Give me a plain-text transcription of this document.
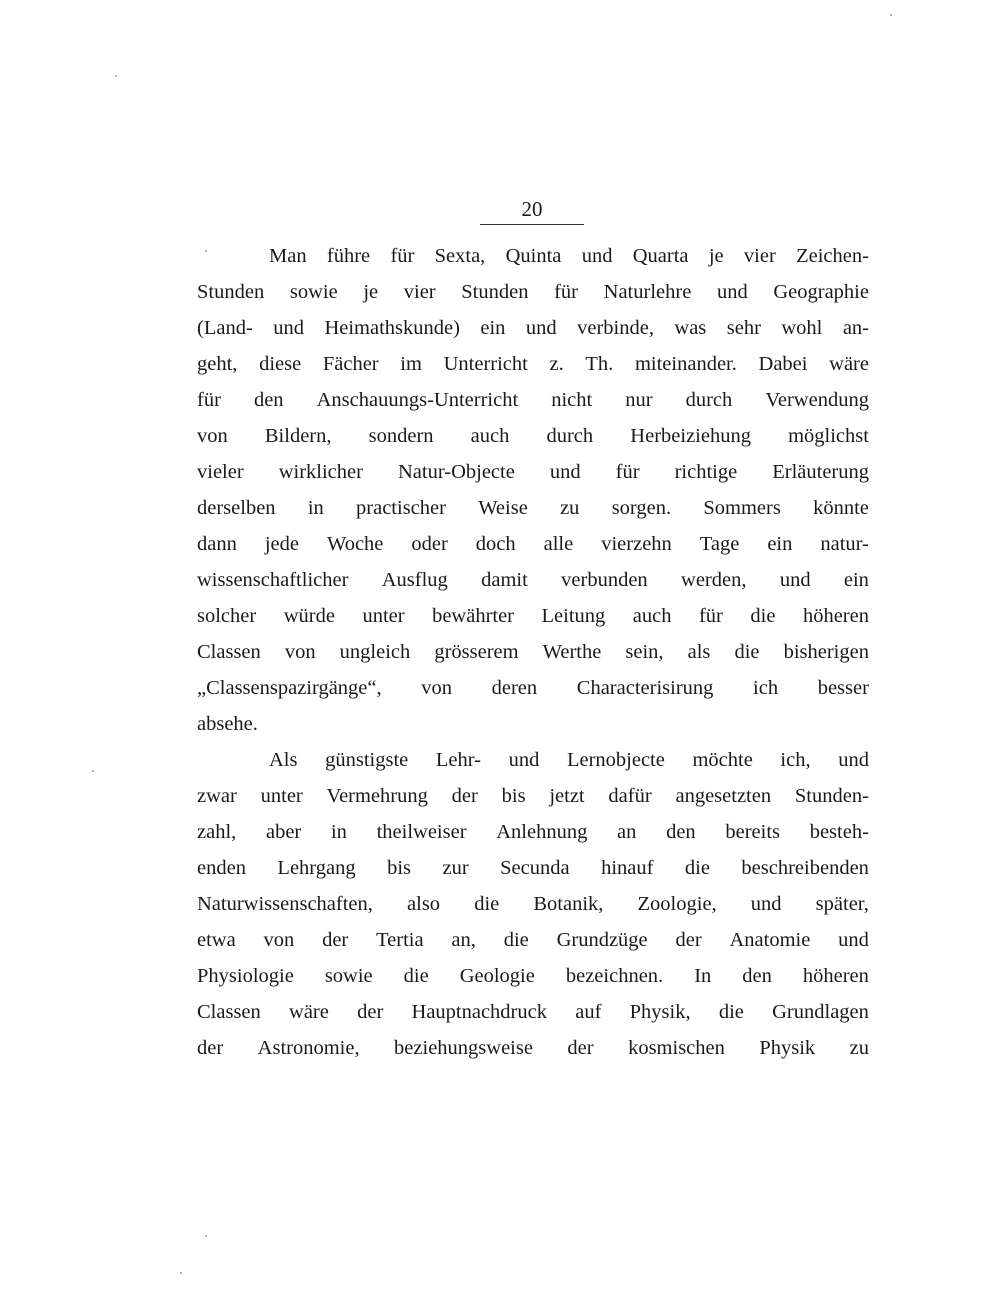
20
Man führe für Sexta, Quinta und Quarta je vier Zeichen-
Stunden sowie je vier Stunden für Naturlehre und Geographie
(Land- und Heimathskunde) ein und verbinde, was sehr wohl an-
geht, diese Fächer im Unterricht z. Th. miteinander. Dabei wäre
für den Anschauungs-Unterricht nicht nur durch Verwendung
von Bildern, sondern auch durch Herbeiziehung möglichst
vieler wirklicher Natur-Objecte und für richtige Erläuterung
derselben in practischer Weise zu sorgen. Sommers könnte
dann jede Woche oder doch alle vierzehn Tage ein natur-
wissenschaftlicher Ausflug damit verbunden werden, und ein
solcher würde unter bewährter Leitung auch für die höheren
Classen von ungleich grösserem Werthe sein, als die bisherigen
„Classenspazirgänge“, von deren Characterisirung ich besser
absehe.
Als günstigste Lehr- und Lernobjecte möchte ich, und
zwar unter Vermehrung der bis jetzt dafür angesetzten Stunden-
zahl, aber in theilweiser Anlehnung an den bereits besteh-
enden Lehrgang bis zur Secunda hinauf die beschreibenden
Naturwissenschaften, also die Botanik, Zoologie, und später,
etwa von der Tertia an, die Grundzüge der Anatomie und
Physiologie sowie die Geologie bezeichnen. In den höheren
Classen wäre der Hauptnachdruck auf Physik, die Grundlagen
der Astronomie, beziehungsweise der kosmischen Physik zu
